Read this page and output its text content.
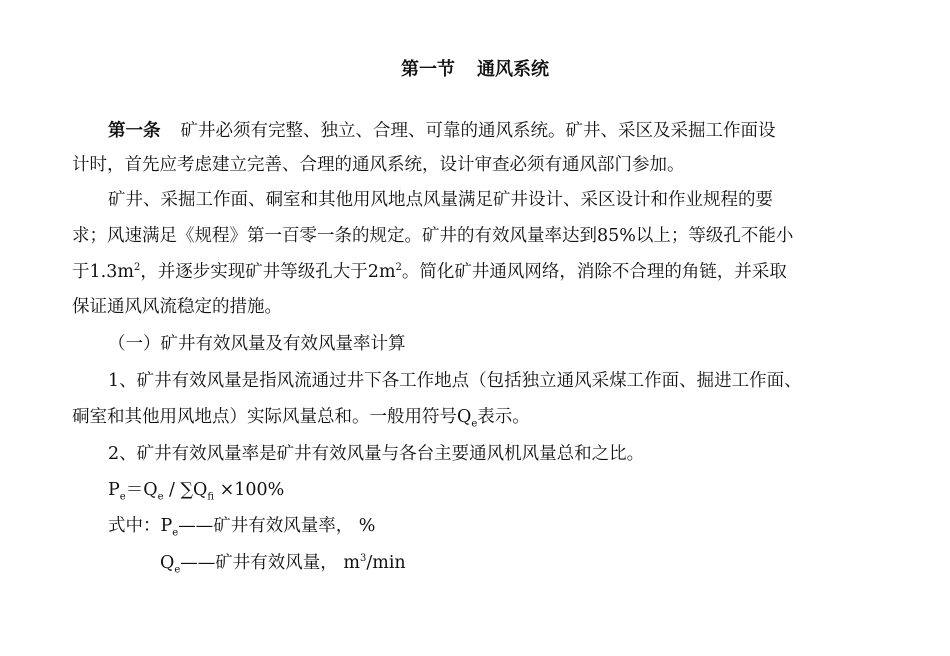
第一节 通风系统
第一条 矿井必须有完整、独立、合理、可靠的通风系统。矿井、采区及采掘工作面设
计时，首先应考虑建立完善、合理的通风系统，设计审查必须有通风部门参加。
矿井、采掘工作面、硐室和其他用风地点风量满足矿井设计、采区设计和作业规程的要
求；风速满足《规程》第一百零一条的规定。矿井的有效风量率达到85%以上；等级孔不能小
于$1.3m^2$，并逐步实现矿井等级孔大于$2m^2$。简化矿井通风网络，消除不合理的角链，并采取
保证通风风流稳定的措施。
（一）矿井有效风量及有效风量率计算
1、矿井有效风量是指风流通过井下各工作地点（包括独立通风采煤工作面、掘进工作面、
硐室和其他用风地点）实际风量总和。一般用符号$Q_e$表示。
2、矿井有效风量率是矿井有效风量与各台主要通风机风量总和之比。
$P_e=Q_e / \sum Q_{fi} \times 100\%$
式中：$P_e——$矿井有效风量率， %
$Q_e——$矿井有效风量， $m^3/\min$
